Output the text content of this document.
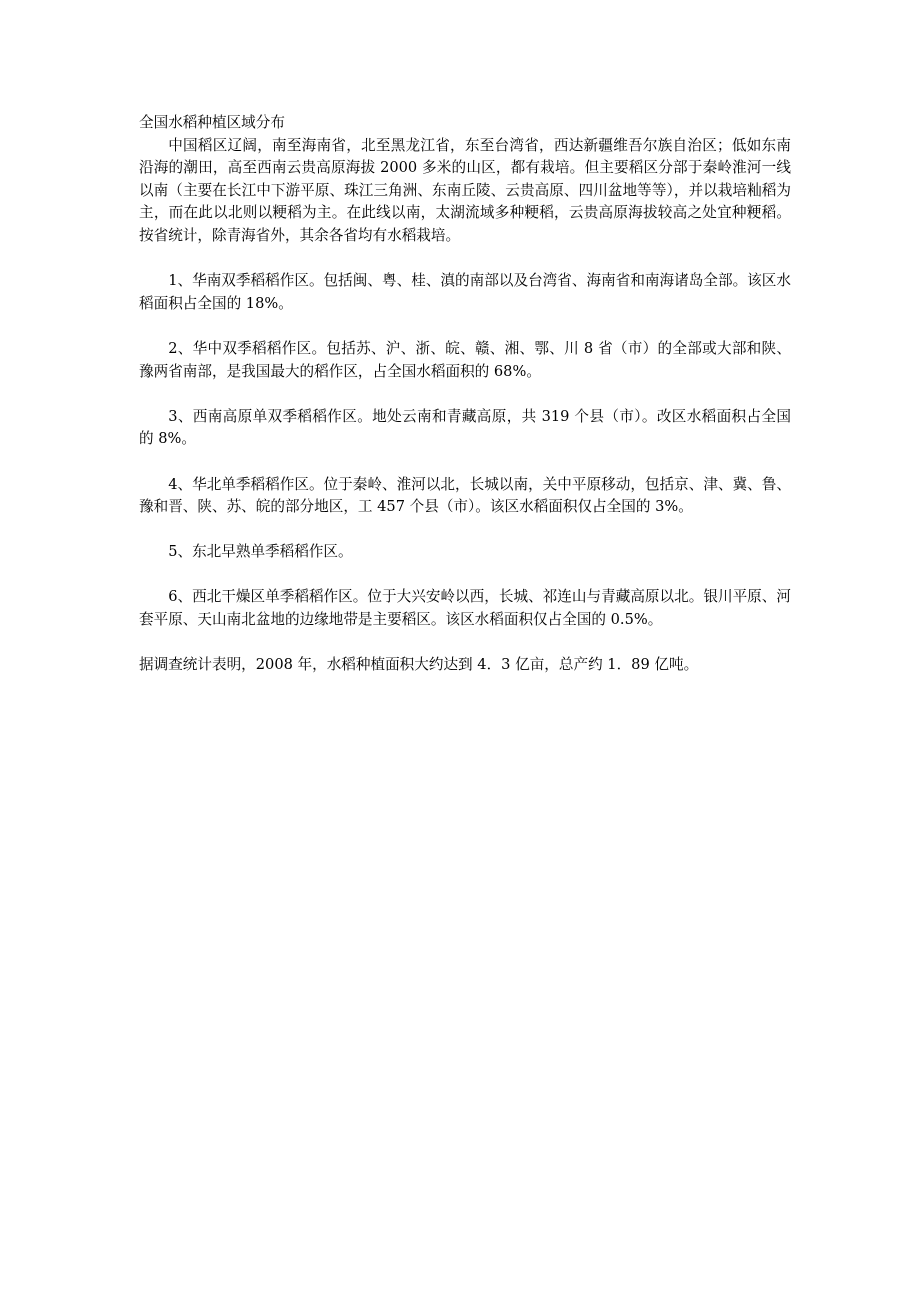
全国水稻种植区域分布

中国稻区辽阔，南至海南省，北至黑龙江省，东至台湾省，西达新疆维吾尔族自治区；低如东南沿海的潮田，高至西南云贵高原海拔 2000 多米的山区，都有栽培。但主要稻区分部于秦岭淮河一线以南（主要在长江中下游平原、珠江三角洲、东南丘陵、云贵高原、四川盆地等等），并以栽培籼稻为主，而在此以北则以粳稻为主。在此线以南，太湖流域多种粳稻，云贵高原海拔较高之处宜种粳稻。按省统计，除青海省外，其余各省均有水稻栽培。

1、华南双季稻稻作区。包括闽、粤、桂、滇的南部以及台湾省、海南省和南海诸岛全部。该区水稻面积占全国的 18%。

2、华中双季稻稻作区。包括苏、沪、浙、皖、赣、湘、鄂、川 8 省（市）的全部或大部和陕、豫两省南部，是我国最大的稻作区，占全国水稻面积的 68%。

3、西南高原单双季稻稻作区。地处云南和青藏高原，共 319 个县（市）。改区水稻面积占全国的 8%。

4、华北单季稻稻作区。位于秦岭、淮河以北，长城以南，关中平原移动，包括京、津、冀、鲁、豫和晋、陕、苏、皖的部分地区，工 457 个县（市）。该区水稻面积仅占全国的 3%。

5、东北早熟单季稻稻作区。

6、西北干燥区单季稻稻作区。位于大兴安岭以西，长城、祁连山与青藏高原以北。银川平原、河套平原、天山南北盆地的边缘地带是主要稻区。该区水稻面积仅占全国的 0.5%。

据调查统计表明，2008 年，水稻种植面积大约达到 4．3 亿亩，总产约 1．89 亿吨。
